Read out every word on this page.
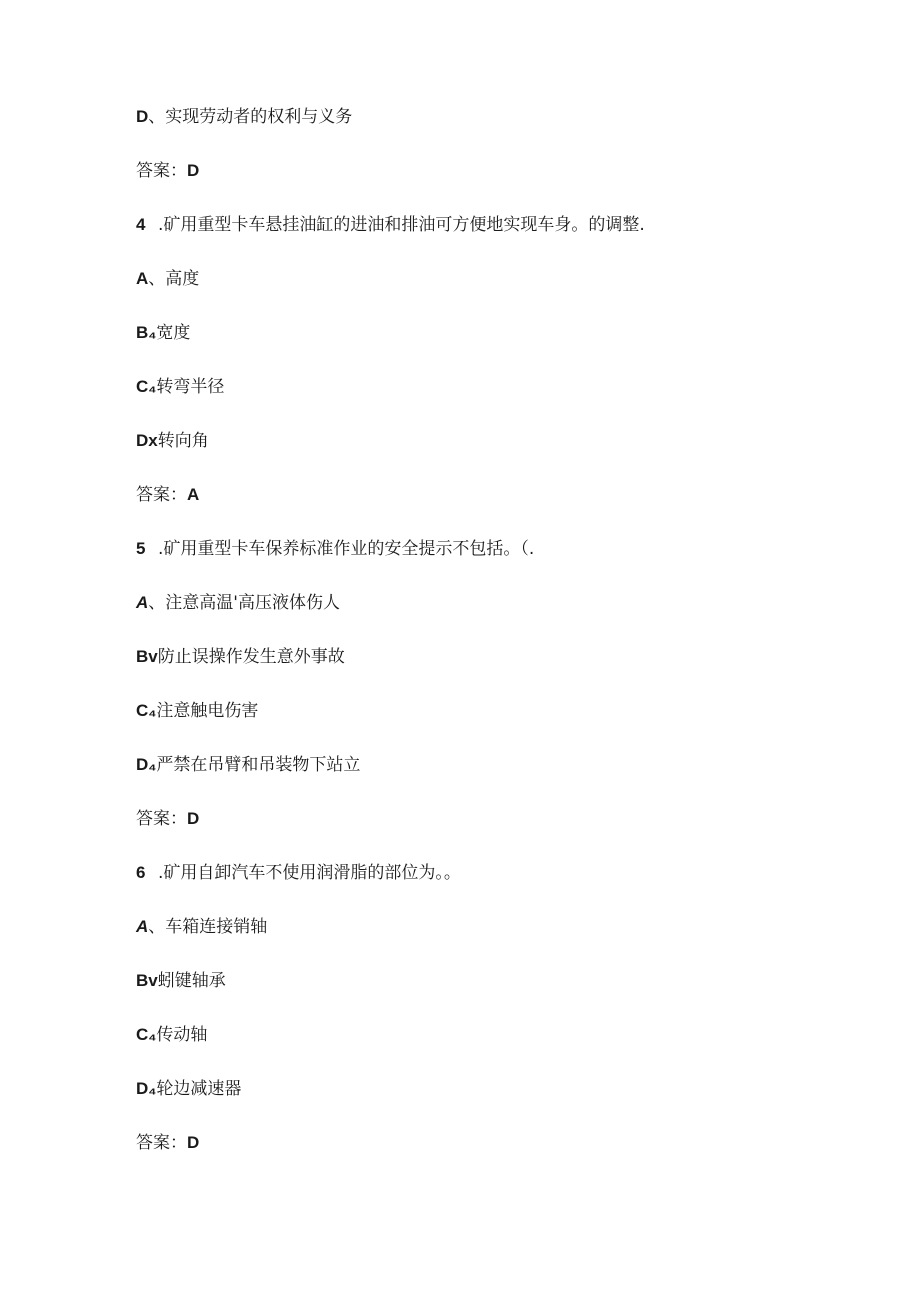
D、实现劳动者的权利与义务
答案：D
4 .矿用重型卡车悬挂油缸的进油和排油可方便地实现车身。的调整.
A、高度
B₄宽度
C₄转弯半径
Dx转向角
答案：A
5 .矿用重型卡车保养标准作业的安全提示不包括。（.
A、注意高温'高压液体伤人
Bv防止误操作发生意外事故
C₄注意触电伤害
D₄严禁在吊臂和吊装物下站立
答案：D
6 .矿用自卸汽车不使用润滑脂的部位为。。
A、车箱连接销轴
Bv蚓键轴承
C₄传动轴
D₄轮边减速器
答案：D
